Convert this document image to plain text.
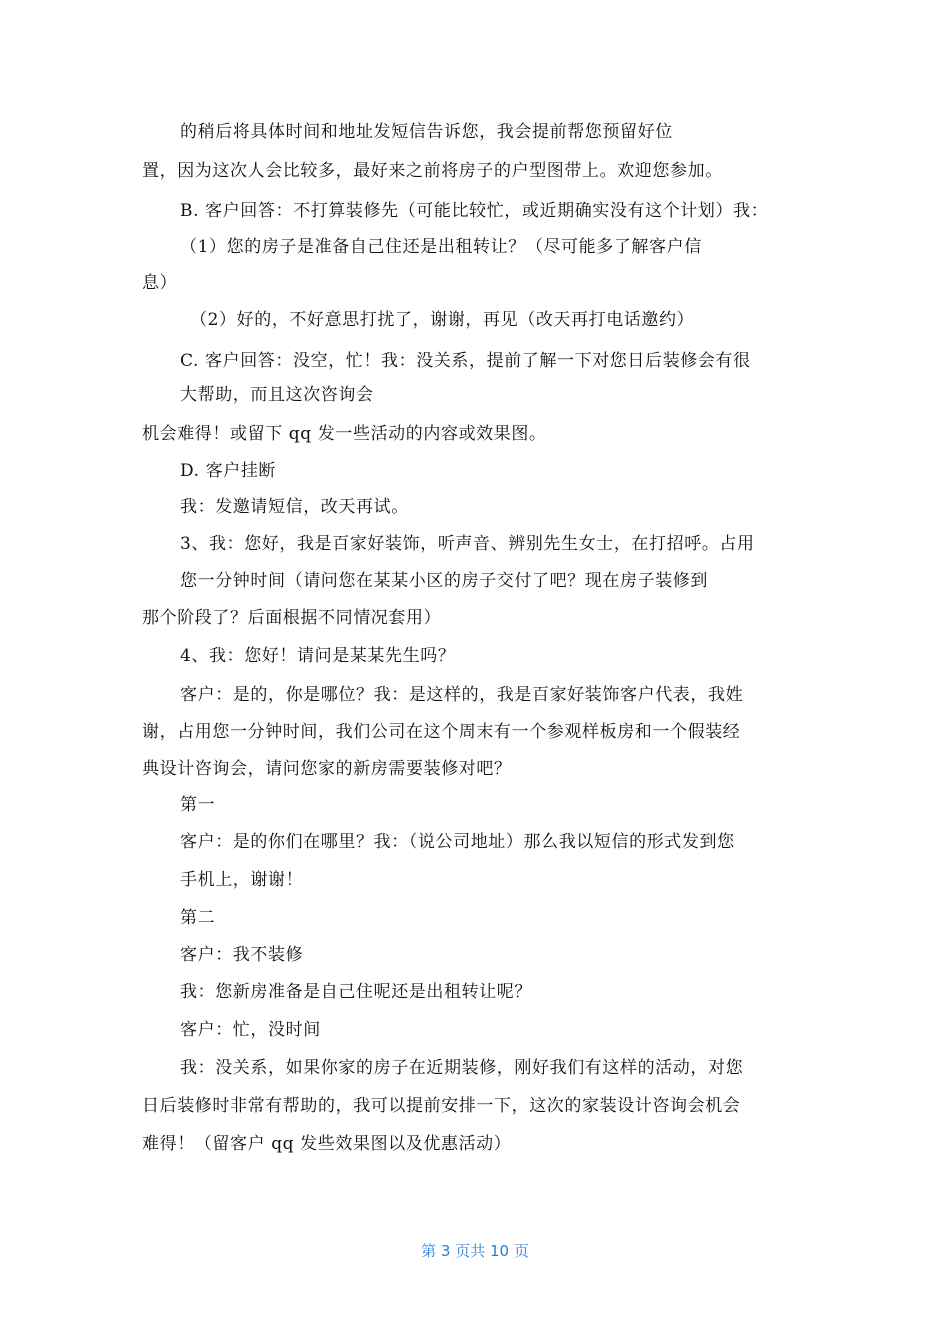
的稍后将具体时间和地址发短信告诉您，我会提前帮您预留好位
置，因为这次人会比较多，最好来之前将房子的户型图带上。欢迎您参加。
B. 客户回答：不打算装修先（可能比较忙，或近期确实没有这个计划）我：
（1）您的房子是准备自己住还是出租转让？（尽可能多了解客户信
息）
（2）好的，不好意思打扰了，谢谢，再见（改天再打电话邀约）
C. 客户回答：没空，忙！我：没关系，提前了解一下对您日后装修会有很
大帮助，而且这次咨询会
机会难得！或留下 qq 发一些活动的内容或效果图。
D. 客户挂断
我：发邀请短信，改天再试。
3、我：您好，我是百家好装饰，听声音、辨别先生女士，在打招呼。占用
您一分钟时间（请问您在某某小区的房子交付了吧？现在房子装修到
那个阶段了？后面根据不同情况套用）
4、我：您好！请问是某某先生吗？
客户：是的，你是哪位？我：是这样的，我是百家好装饰客户代表，我姓
谢，占用您一分钟时间，我们公司在这个周末有一个参观样板房和一个假装经
典设计咨询会，请问您家的新房需要装修对吧？
第一
客户：是的你们在哪里？我：（说公司地址）那么我以短信的形式发到您
手机上，谢谢！
第二
客户：我不装修
我：您新房准备是自己住呢还是出租转让呢？
客户：忙，没时间
我：没关系，如果你家的房子在近期装修，刚好我们有这样的活动，对您
日后装修时非常有帮助的，我可以提前安排一下，这次的家装设计咨询会机会
难得！（留客户 qq 发些效果图以及优惠活动）
第 3 页共 10 页
